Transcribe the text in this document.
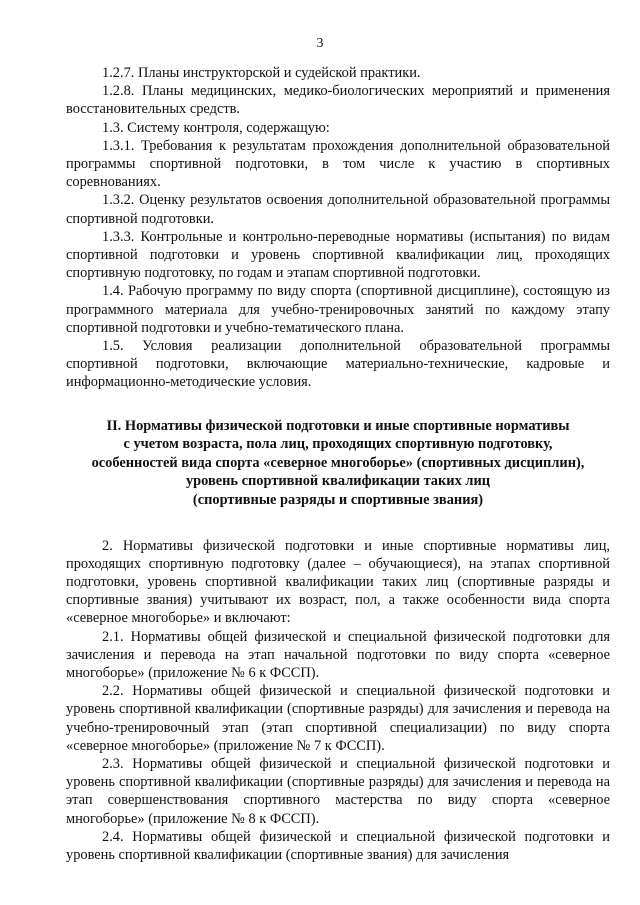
3

1.2.7. Планы инструкторской и судейской практики.

1.2.8. Планы медицинских, медико-биологических мероприятий и применения восстановительных средств.

1.3. Систему контроля, содержащую:

1.3.1. Требования к результатам прохождения дополнительной образовательной программы спортивной подготовки, в том числе к участию в спортивных соревнованиях.

1.3.2. Оценку результатов освоения дополнительной образовательной программы спортивной подготовки.

1.3.3. Контрольные и контрольно-переводные нормативы (испытания) по видам спортивной подготовки и уровень спортивной квалификации лиц, проходящих спортивную подготовку, по годам и этапам спортивной подготовки.

1.4. Рабочую программу по виду спорта (спортивной дисциплине), состоящую из программного материала для учебно-тренировочных занятий по каждому этапу спортивной подготовки и учебно-тематического плана.

1.5. Условия реализации дополнительной образовательной программы спортивной подготовки, включающие материально-технические, кадровые и информационно-методические условия.

II. Нормативы физической подготовки и иные спортивные нормативы
с учетом возраста, пола лиц, проходящих спортивную подготовку,
особенностей вида спорта «северное многоборье» (спортивных дисциплин),
уровень спортивной квалификации таких лиц
(спортивные разряды и спортивные звания)

2. Нормативы физической подготовки и иные спортивные нормативы лиц, проходящих спортивную подготовку (далее – обучающиеся), на этапах спортивной подготовки, уровень спортивной квалификации таких лиц (спортивные разряды и спортивные звания) учитывают их возраст, пол, а также особенности вида спорта «северное многоборье» и включают:

2.1. Нормативы общей физической и специальной физической подготовки для зачисления и перевода на этап начальной подготовки по виду спорта «северное многоборье» (приложение № 6 к ФССП).

2.2. Нормативы общей физической и специальной физической подготовки и уровень спортивной квалификации (спортивные разряды) для зачисления и перевода на учебно-тренировочный этап (этап спортивной специализации) по виду спорта «северное многоборье» (приложение № 7 к ФССП).

2.3. Нормативы общей физической и специальной физической подготовки и уровень спортивной квалификации (спортивные разряды) для зачисления и перевода на этап совершенствования спортивного мастерства по виду спорта «северное многоборье» (приложение № 8 к ФССП).

2.4. Нормативы общей физической и специальной физической подготовки и уровень спортивной квалификации (спортивные звания) для зачисления
